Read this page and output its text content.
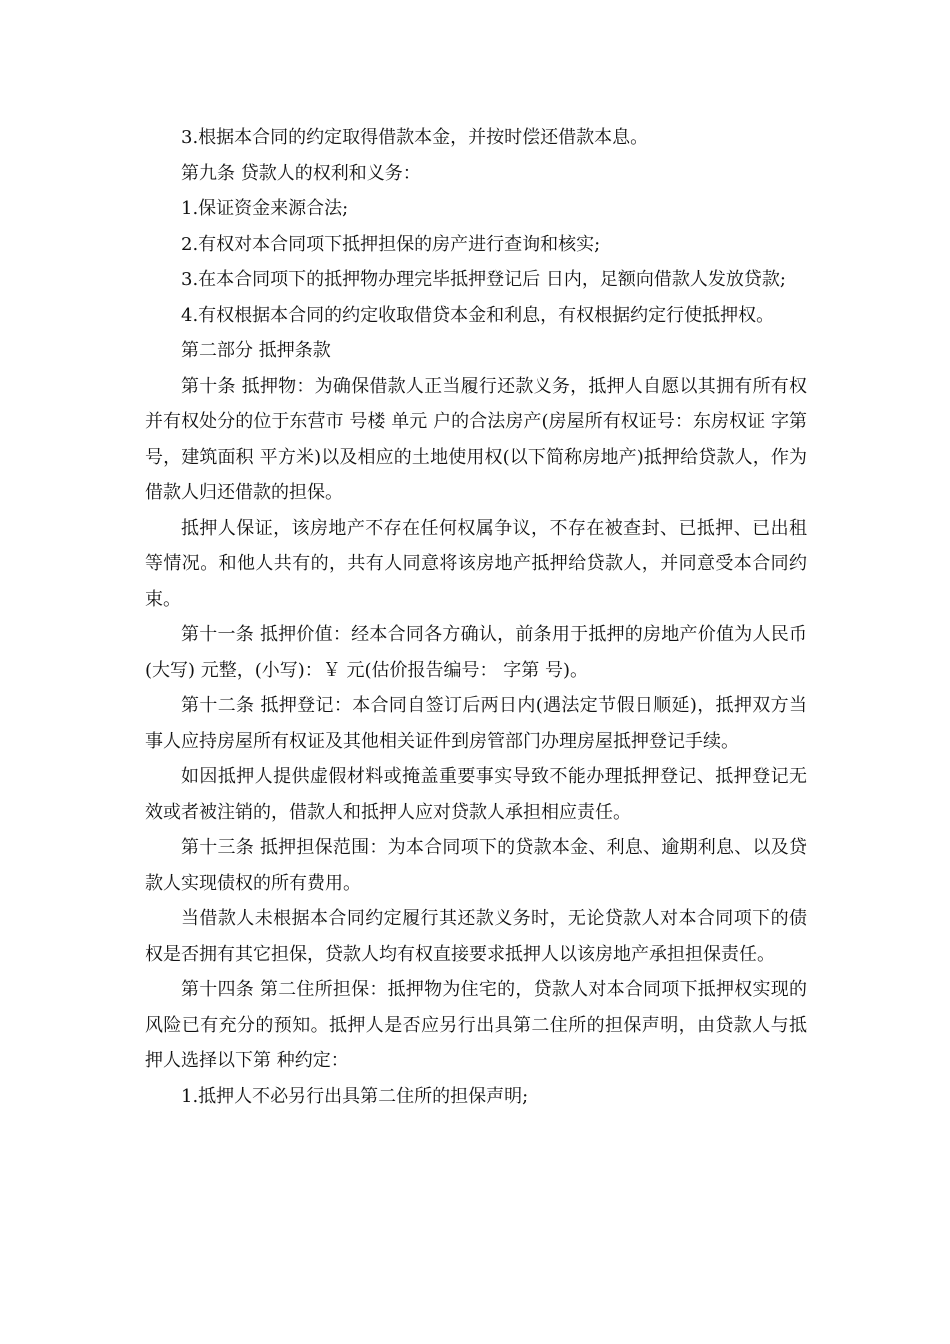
3.根据本合同的约定取得借款本金，并按时偿还借款本息。

第九条 贷款人的权利和义务：

1.保证资金来源合法;

2.有权对本合同项下抵押担保的房产进行查询和核实;

3.在本合同项下的抵押物办理完毕抵押登记后 日内，足额向借款人发放贷款;

4.有权根据本合同的约定收取借贷本金和利息，有权根据约定行使抵押权。

第二部分 抵押条款

第十条 抵押物：为确保借款人正当履行还款义务，抵押人自愿以其拥有所有权并有权处分的位于东营市 号楼 单元 户的合法房产(房屋所有权证号：东房权证 字第 号，建筑面积 平方米)以及相应的土地使用权(以下简称房地产)抵押给贷款人，作为借款人归还借款的担保。

抵押人保证，该房地产不存在任何权属争议，不存在被查封、已抵押、已出租等情况。和他人共有的，共有人同意将该房地产抵押给贷款人，并同意受本合同约束。

第十一条 抵押价值：经本合同各方确认，前条用于抵押的房地产价值为人民币(大写) 元整，(小写)：￥ 元(估价报告编号： 字第 号)。

第十二条 抵押登记：本合同自签订后两日内(遇法定节假日顺延)，抵押双方当事人应持房屋所有权证及其他相关证件到房管部门办理房屋抵押登记手续。

如因抵押人提供虚假材料或掩盖重要事实导致不能办理抵押登记、抵押登记无效或者被注销的，借款人和抵押人应对贷款人承担相应责任。

第十三条 抵押担保范围：为本合同项下的贷款本金、利息、逾期利息、以及贷款人实现债权的所有费用。

当借款人未根据本合同约定履行其还款义务时，无论贷款人对本合同项下的债权是否拥有其它担保，贷款人均有权直接要求抵押人以该房地产承担担保责任。

第十四条 第二住所担保：抵押物为住宅的，贷款人对本合同项下抵押权实现的风险已有充分的预知。抵押人是否应另行出具第二住所的担保声明，由贷款人与抵押人选择以下第 种约定：

1.抵押人不必另行出具第二住所的担保声明;
